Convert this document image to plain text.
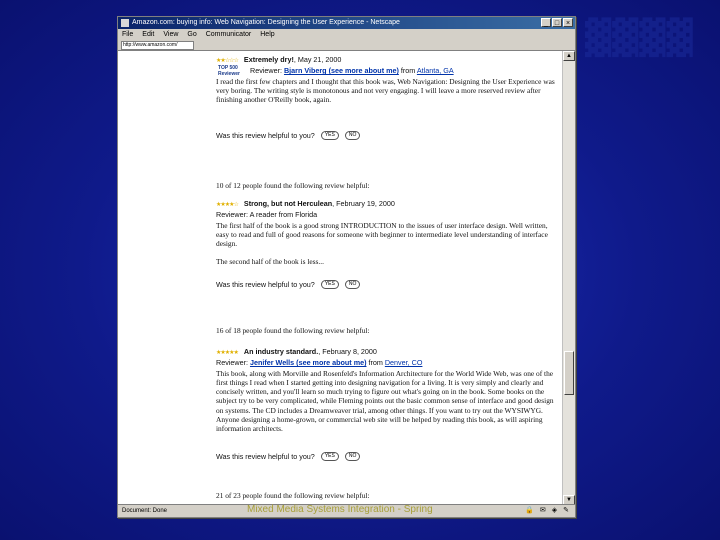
▓▓▓▓
Amazon.com: buying info: Web Navigation: Designing the User Experience - Netscape	_ □ ×
File Edit View Go Communicator Help
http://www.amazon.com/
★★☆☆☆ Extremely dry!, May 21, 2000
Reviewer: Bjarn Viberg (see more about me) from Atlanta, GA
I read the first few chapters and I thought that this book was, Web Navigation: Designing the User Experience was very boring. The writing style is monotonous and not very engaging. I will leave a more reserved review after finishing another O'Reilly book, again.
TOP 500 Reviewer
Was this review helpful to you?	YES	NO
10 of 12 people found the following review helpful:
★★★★☆ Strong, but not Herculean, February 19, 2000
Reviewer: A reader from Florida
The first half of the book is a good strong INTRODUCTION to the issues of user interface design. Well written, easy to read and full of good reasons for someone with beginner to intermediate level understanding of interface design.
The second half of the book is less...
Was this review helpful to you?	YES	NO
16 of 18 people found the following review helpful:
★★★★★ An industry standard., February 8, 2000
Reviewer: Jenifer Wells (see more about me) from Denver, CO
This book, along with Morville and Rosenfeld's Information Architecture for the World Wide Web, was one of the first things I read when I started getting into designing navigation for a living. It is very simply and clearly and concisely written, and you'll learn so much trying to figure out what's going on in the book. Some books on the subject try to be very complicated, while Fleming points out the basic common sense of interface and good design on systems. The CD includes a Dreamweaver trial, among other things. If you want to try out the WYSIWYG. Anyone designing a home-grown, or commercial web site will be helped by reading this book, as will aspiring information architects.
Was this review helpful to you?	YES	NO
21 of 23 people found the following review helpful:
▲
▼
Document: Done	🔒 ✉ ◈ ✎
Mixed Media Systems Integration - Spring
